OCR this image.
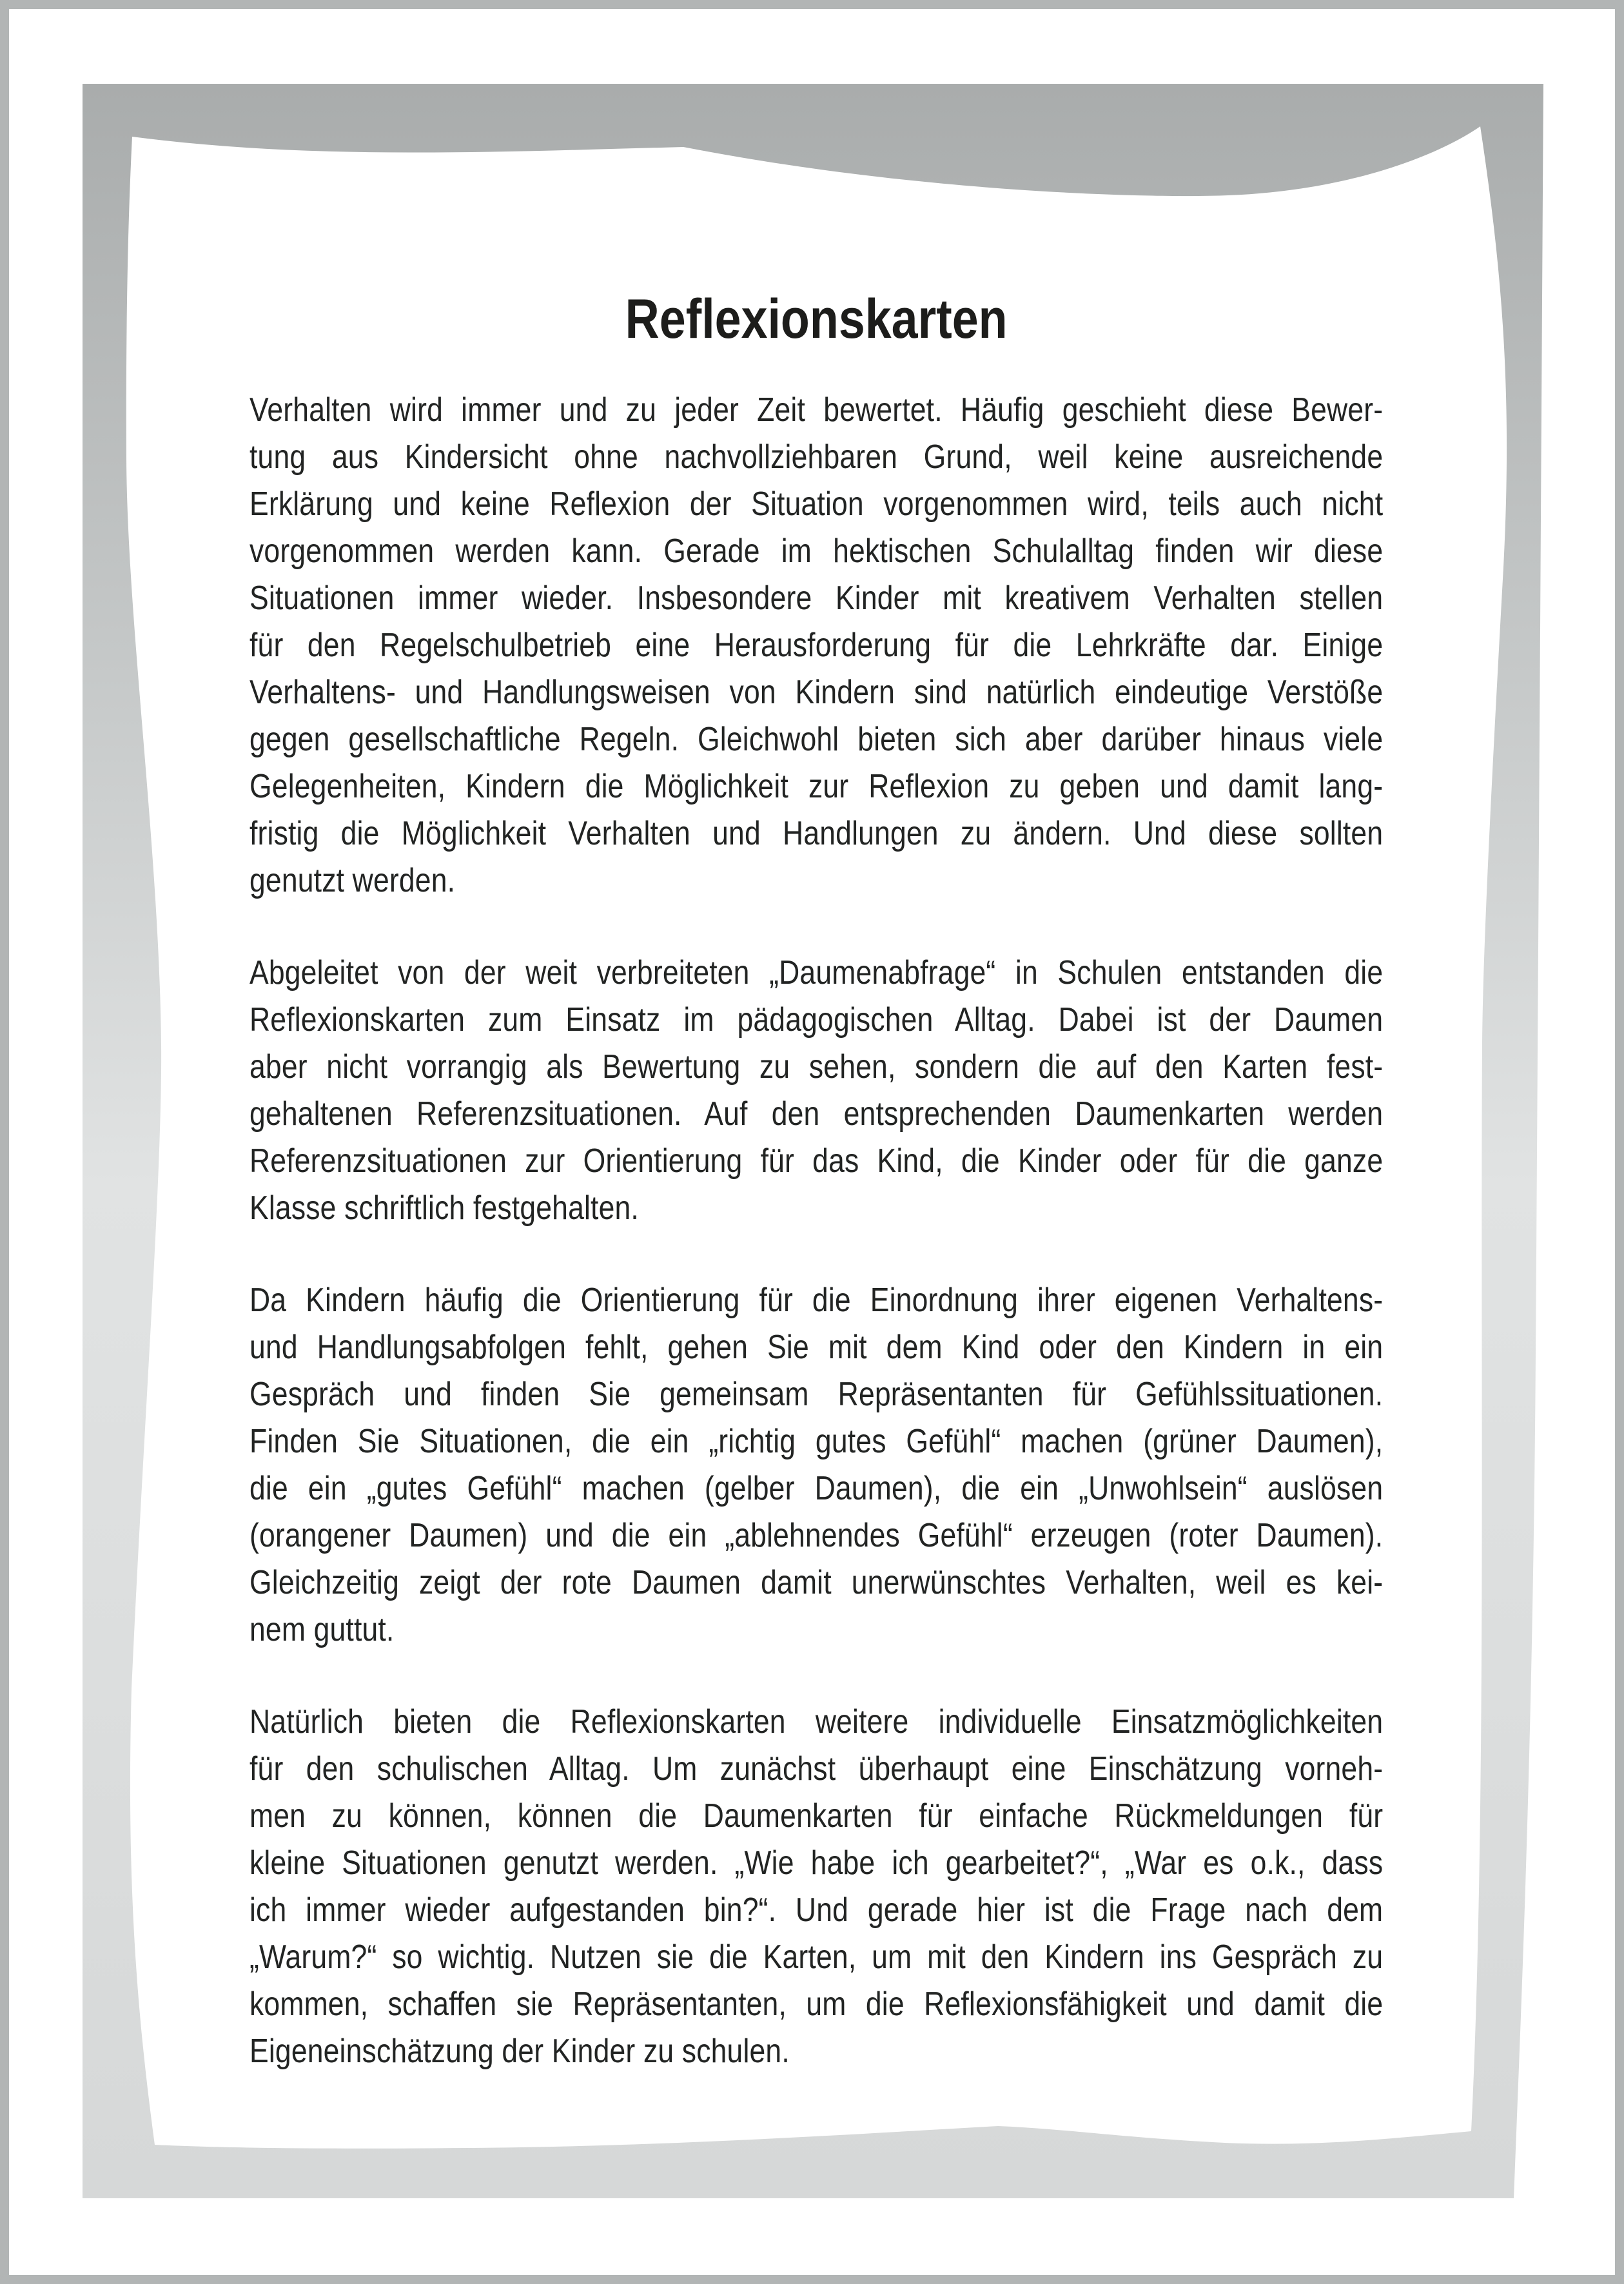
Reflexionskarten
Verhalten wird immer und zu jeder Zeit bewertet. Häufig geschieht diese Bewer-
tung aus Kindersicht ohne nachvollziehbaren Grund, weil keine ausreichende
Erklärung und keine Reflexion der Situation vorgenommen wird, teils auch nicht
vorgenommen werden kann. Gerade im hektischen Schulalltag finden wir diese
Situationen immer wieder. Insbesondere Kinder mit kreativem Verhalten stellen
für den Regelschulbetrieb eine Herausforderung für die Lehrkräfte dar. Einige
Verhaltens- und Handlungsweisen von Kindern sind natürlich eindeutige Verstöße
gegen gesellschaftliche Regeln. Gleichwohl bieten sich aber darüber hinaus viele
Gelegenheiten, Kindern die Möglichkeit zur Reflexion zu geben und damit lang-
fristig die Möglichkeit Verhalten und Handlungen zu ändern. Und diese sollten
genutzt werden.
Abgeleitet von der weit verbreiteten „Daumenabfrage“ in Schulen entstanden die
Reflexionskarten zum Einsatz im pädagogischen Alltag. Dabei ist der Daumen
aber nicht vorrangig als Bewertung zu sehen, sondern die auf den Karten fest-
gehaltenen Referenzsituationen. Auf den entsprechenden Daumenkarten werden
Referenzsituationen zur Orientierung für das Kind, die Kinder oder für die ganze
Klasse schriftlich festgehalten.
Da Kindern häufig die Orientierung für die Einordnung ihrer eigenen Verhaltens-
und Handlungsabfolgen fehlt, gehen Sie mit dem Kind oder den Kindern in ein
Gespräch und finden Sie gemeinsam Repräsentanten für Gefühlssituationen.
Finden Sie Situationen, die ein „richtig gutes Gefühl“ machen (grüner Daumen),
die ein „gutes Gefühl“ machen (gelber Daumen), die ein „Unwohlsein“ auslösen
(orangener Daumen) und die ein „ablehnendes Gefühl“ erzeugen (roter Daumen).
Gleichzeitig zeigt der rote Daumen damit unerwünschtes Verhalten, weil es kei-
nem guttut.
Natürlich bieten die Reflexionskarten weitere individuelle Einsatzmöglichkeiten
für den schulischen Alltag. Um zunächst überhaupt eine Einschätzung vorneh-
men zu können, können die Daumenkarten für einfache Rückmeldungen für
kleine Situationen genutzt werden. „Wie habe ich gearbeitet?“, „War es o.k., dass
ich immer wieder aufgestanden bin?“. Und gerade hier ist die Frage nach dem
„Warum?“ so wichtig. Nutzen sie die Karten, um mit den Kindern ins Gespräch zu
kommen, schaffen sie Repräsentanten, um die Reflexionsfähigkeit und damit die
Eigeneinschätzung der Kinder zu schulen.
